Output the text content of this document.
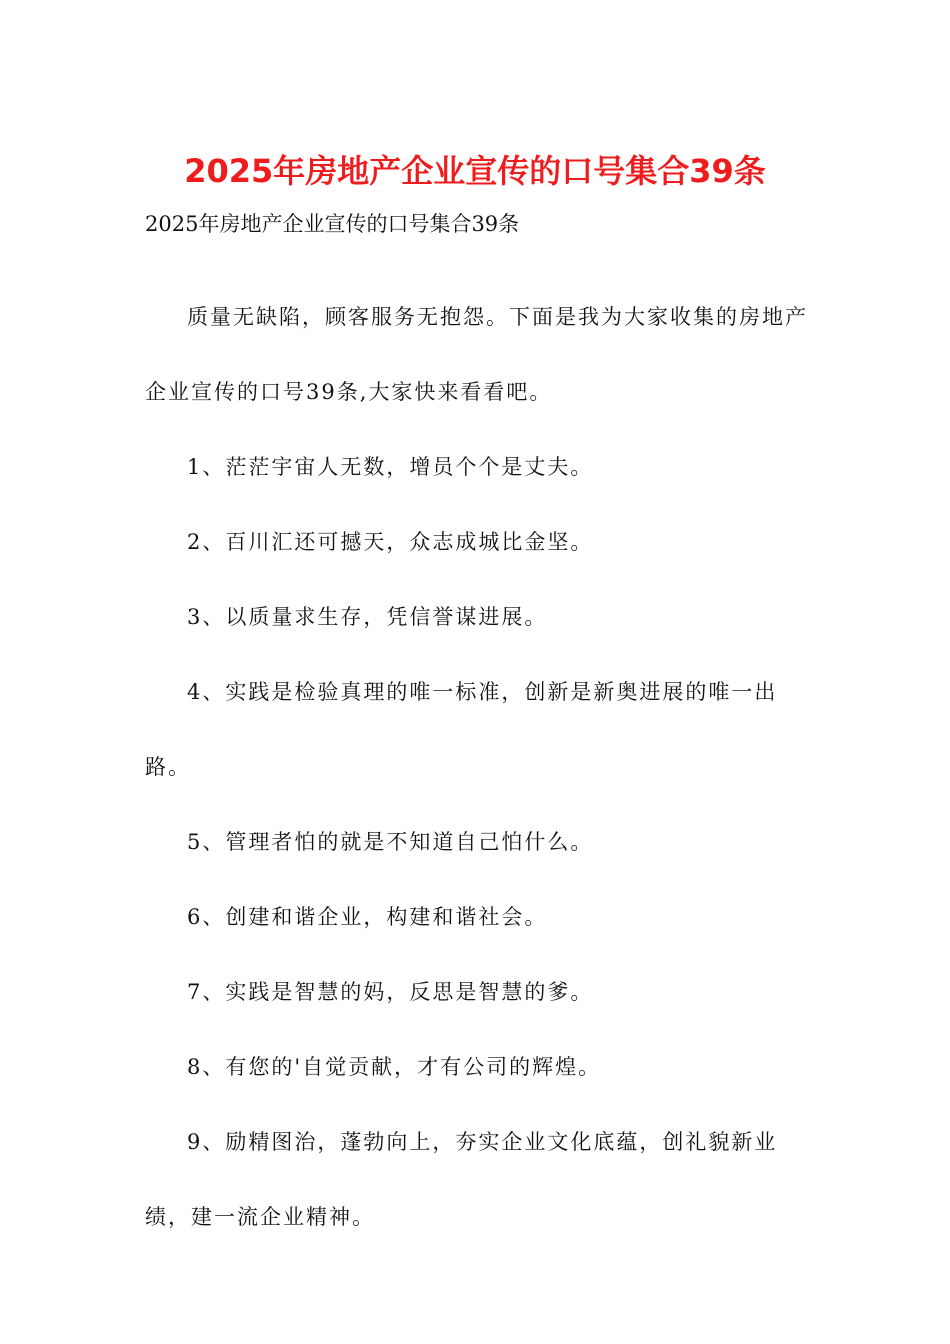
2025年房地产企业宣传的口号集合39条
2025年房地产企业宣传的口号集合39条

质量无缺陷，顾客服务无抱怨。下面是我为大家收集的房地产企业宣传的口号39条,大家快来看看吧。

1、茫茫宇宙人无数，增员个个是丈夫。

2、百川汇还可撼天，众志成城比金坚。

3、以质量求生存，凭信誉谋进展。

4、实践是检验真理的唯一标准，创新是新奥进展的唯一出路。

5、管理者怕的就是不知道自己怕什么。

6、创建和谐企业，构建和谐社会。

7、实践是智慧的妈，反思是智慧的爹。

8、有您的'自觉贡献，才有公司的辉煌。

9、励精图治，蓬勃向上，夯实企业文化底蕴，创礼貌新业绩，建一流企业精神。
